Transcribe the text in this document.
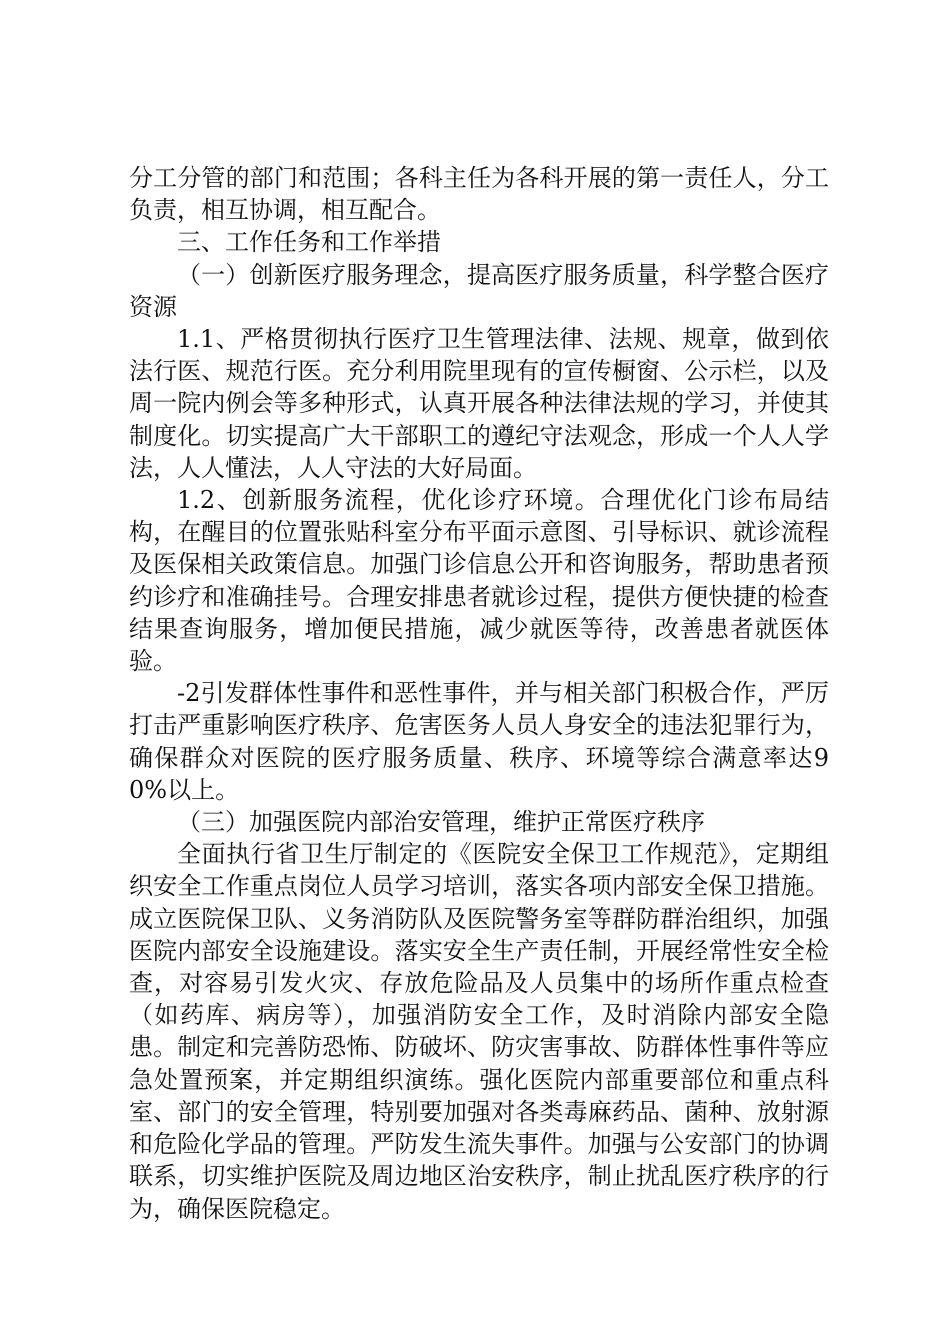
分工分管的部门和范围；各科主任为各科开展的第一责任人，分工负责，相互协调，相互配合。

三、工作任务和工作举措

（一）创新医疗服务理念，提高医疗服务质量，科学整合医疗资源

1.1、严格贯彻执行医疗卫生管理法律、法规、规章，做到依法行医、规范行医。充分利用院里现有的宣传橱窗、公示栏，以及周一院内例会等多种形式，认真开展各种法律法规的学习，并使其制度化。切实提高广大干部职工的遵纪守法观念，形成一个人人学法，人人懂法，人人守法的大好局面。

1.2、创新服务流程，优化诊疗环境。合理优化门诊布局结构，在醒目的位置张贴科室分布平面示意图、引导标识、就诊流程及医保相关政策信息。加强门诊信息公开和咨询服务，帮助患者预约诊疗和准确挂号。合理安排患者就诊过程，提供方便快捷的检查结果查询服务，增加便民措施，减少就医等待，改善患者就医体验。

-2引发群体性事件和恶性事件，并与相关部门积极合作，严厉打击严重影响医疗秩序、危害医务人员人身安全的违法犯罪行为，确保群众对医院的医疗服务质量、秩序、环境等综合满意率达90%以上。

（三）加强医院内部治安管理，维护正常医疗秩序

全面执行省卫生厅制定的《医院安全保卫工作规范》，定期组织安全工作重点岗位人员学习培训，落实各项内部安全保卫措施。成立医院保卫队、义务消防队及医院警务室等群防群治组织，加强医院内部安全设施建设。落实安全生产责任制，开展经常性安全检查，对容易引发火灾、存放危险品及人员集中的场所作重点检查（如药库、病房等），加强消防安全工作，及时消除内部安全隐患。制定和完善防恐怖、防破坏、防灾害事故、防群体性事件等应急处置预案，并定期组织演练。强化医院内部重要部位和重点科室、部门的安全管理，特别要加强对各类毒麻药品、菌种、放射源和危险化学品的管理。严防发生流失事件。加强与公安部门的协调联系，切实维护医院及周边地区治安秩序，制止扰乱医疗秩序的行为，确保医院稳定。
